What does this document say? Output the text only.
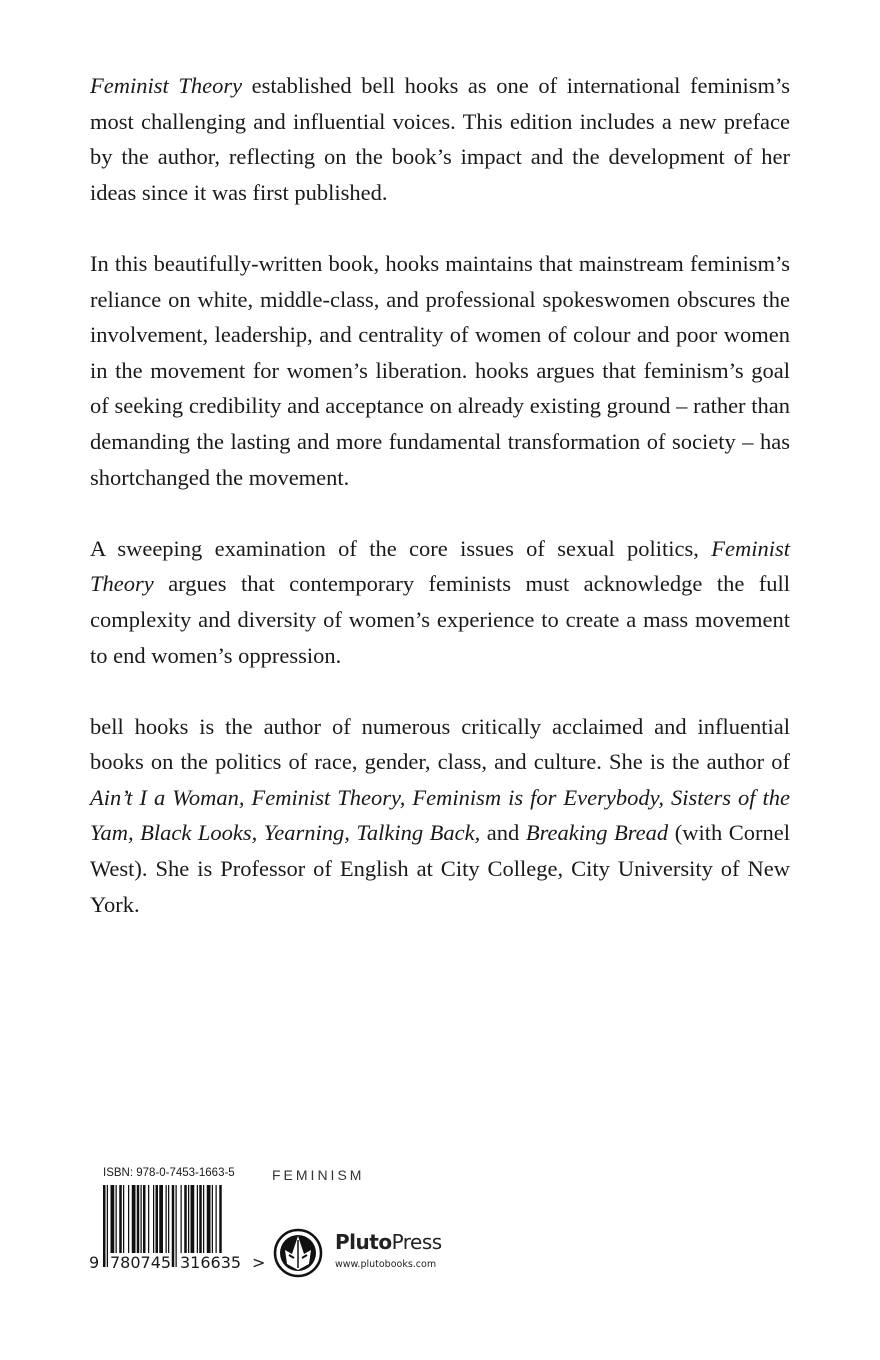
Feminist Theory established bell hooks as one of international feminism’s most challenging and influential voices. This edition includes a new preface by the author, reflecting on the book’s impact and the development of her ideas since it was first published.

In this beautifully-written book, hooks maintains that mainstream feminism’s reliance on white, middle-class, and professional spokeswomen obscures the involvement, leadership, and centrality of women of colour and poor women in the movement for women’s liberation. hooks argues that feminism’s goal of seeking credibility and acceptance on already existing ground – rather than demanding the lasting and more fundamental transformation of society – has shortchanged the movement.

A sweeping examination of the core issues of sexual politics, Feminist Theory argues that contemporary feminists must acknowledge the full complexity and diversity of women’s experience to create a mass movement to end women’s oppression.

bell hooks is the author of numerous critically acclaimed and influential books on the politics of race, gender, class, and culture. She is the author of Ain’t I a Woman, Feminist Theory, Feminism is for Everybody, Sisters of the Yam, Black Looks, Yearning, Talking Back, and Breaking Bread (with Cornel West). She is Professor of English at City College, City University of New York.

ISBN: 978-0-7453-1663-5	FEMINISM
9 780745 316635 >
PlutoPress
www.plutobooks.com
